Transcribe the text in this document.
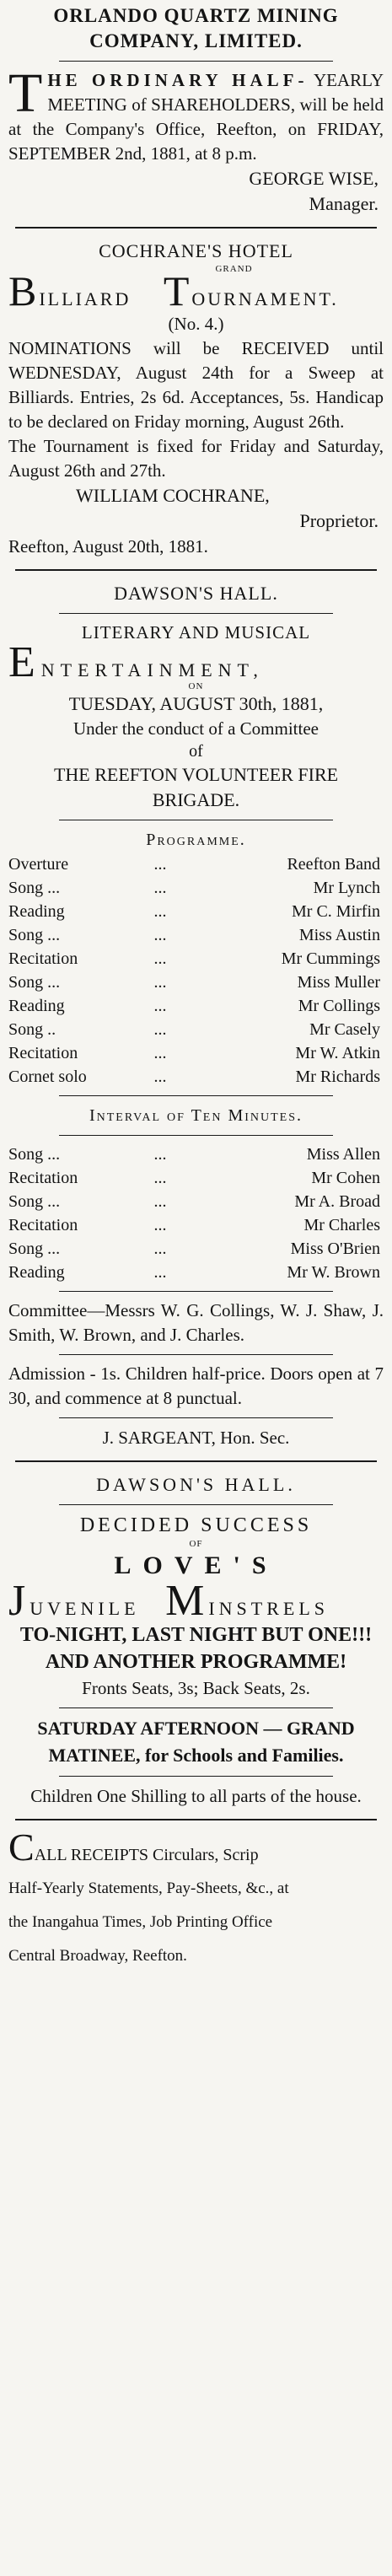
ORLANDO QUARTZ MINING
COMPANY, LIMITED.
T HE ORDINARY HALF- YEARLY MEETING of SHAREHOLDERS, will be held at the Company's Office, Reefton, on FRIDAY, SEPTEMBER 2nd, 1881, at 8 p.m.
GEORGE WISE,
Manager.
COCHRANE'S HOTEL
GRAND
BILLIARD TOURNAMENT.
(No. 4.)
NOMINATIONS will be RECEIVED until WEDNESDAY, August 24th for a Sweep at Billiards. Entries, 2s 6d. Acceptances, 5s. Handicap to be declared on Friday morning, August 26th.
The Tournament is fixed for Friday and Saturday, August 26th and 27th.
WILLIAM COCHRANE,
Proprietor.
Reefton, August 20th, 1881.
DAWSON'S HALL.
LITERARY AND MUSICAL
ENTERTAINMENT,
ON
TUESDAY, AUGUST 30th, 1881,
Under the conduct of a Committee
of
THE REEFTON VOLUNTEER FIRE
BRIGADE.
Programme.
Overture	...	Reefton Band
Song ...	...	Mr Lynch
Reading	...	Mr C. Mirfin
Song ...	...	Miss Austin
Recitation	...	Mr Cummings
Song ...	...	Miss Muller
Reading	...	Mr Collings
Song ..	...	Mr Casely
Recitation	...	Mr W. Atkin
Cornet solo	...	Mr Richards
Interval of Ten Minutes.
Song ...	...	Miss Allen
Recitation	...	Mr Cohen
Song ...	...	Mr A. Broad
Recitation	...	Mr Charles
Song ...	...	Miss O'Brien
Reading	...	Mr W. Brown
Committee—Messrs W. G. Collings, W. J. Shaw, J. Smith, W. Brown, and J. Charles.
Admission - 1s. Children half-price. Doors open at 7 30, and commence at 8 punctual.
J. SARGEANT, Hon. Sec.
DAWSON'S HALL.
DECIDED SUCCESS
OF
LOVE'S
JUVENILE MINSTRELS
TO-NIGHT, LAST NIGHT BUT ONE!!!
AND ANOTHER PROGRAMME!
Fronts Seats, 3s; Back Seats, 2s.
SATURDAY AFTERNOON — GRAND MATINEE, for Schools and Families.
Children One Shilling to all parts of the house.
CALL RECEIPTS Circulars, Scrip
Half-Yearly Statements, Pay-Sheets, &c., at
the Inangahua Times, Job Printing Office
Central Broadway, Reefton.
